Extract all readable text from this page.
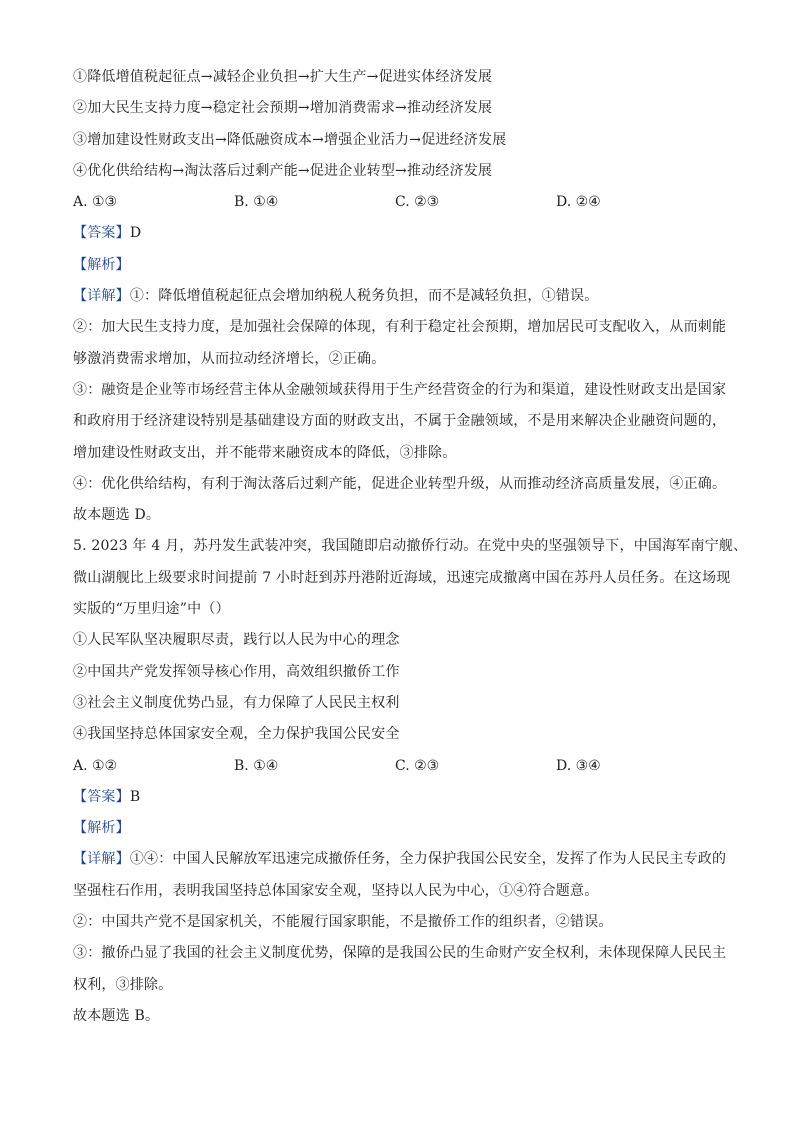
①降低增值税起征点→减轻企业负担→扩大生产→促进实体经济发展
②加大民生支持力度→稳定社会预期→增加消费需求→推动经济发展
③增加建设性财政支出→降低融资成本→增强企业活力→促进经济发展
④优化供给结构→淘汰落后过剩产能→促进企业转型→推动经济发展
A. ①③	B. ①④	C. ②③	D. ②④
【答案】D
【解析】
【详解】①：降低增值税起征点会增加纳税人税务负担，而不是减轻负担，①错误。
②：加大民生支持力度，是加强社会保障的体现，有利于稳定社会预期，增加居民可支配收入，从而刺能
够激消费需求增加，从而拉动经济增长，②正确。
③：融资是企业等市场经营主体从金融领域获得用于生产经营资金的行为和渠道，建设性财政支出是国家
和政府用于经济建设特别是基础建设方面的财政支出，不属于金融领域，不是用来解决企业融资问题的，
增加建设性财政支出，并不能带来融资成本的降低，③排除。
④：优化供给结构，有利于淘汰落后过剩产能，促进企业转型升级，从而推动经济高质量发展，④正确。
故本题选 D。
5. 2023 年 4 月，苏丹发生武装冲突，我国随即启动撤侨行动。在党中央的坚强领导下，中国海军南宁舰、
微山湖舰比上级要求时间提前 7 小时赶到苏丹港附近海域，迅速完成撤离中国在苏丹人员任务。在这场现
实版的“万里归途”中（）
①人民军队坚决履职尽责，践行以人民为中心的理念
②中国共产党发挥领导核心作用，高效组织撤侨工作
③社会主义制度优势凸显，有力保障了人民民主权利
④我国坚持总体国家安全观，全力保护我国公民安全
A. ①②	B. ①④	C. ②③	D. ③④
【答案】B
【解析】
【详解】①④：中国人民解放军迅速完成撤侨任务，全力保护我国公民安全，发挥了作为人民民主专政的
坚强柱石作用，表明我国坚持总体国家安全观，坚持以人民为中心，①④符合题意。
②：中国共产党不是国家机关，不能履行国家职能，不是撤侨工作的组织者，②错误。
③：撤侨凸显了我国的社会主义制度优势，保障的是我国公民的生命财产安全权利，未体现保障人民民主
权利，③排除。
故本题选 B。
